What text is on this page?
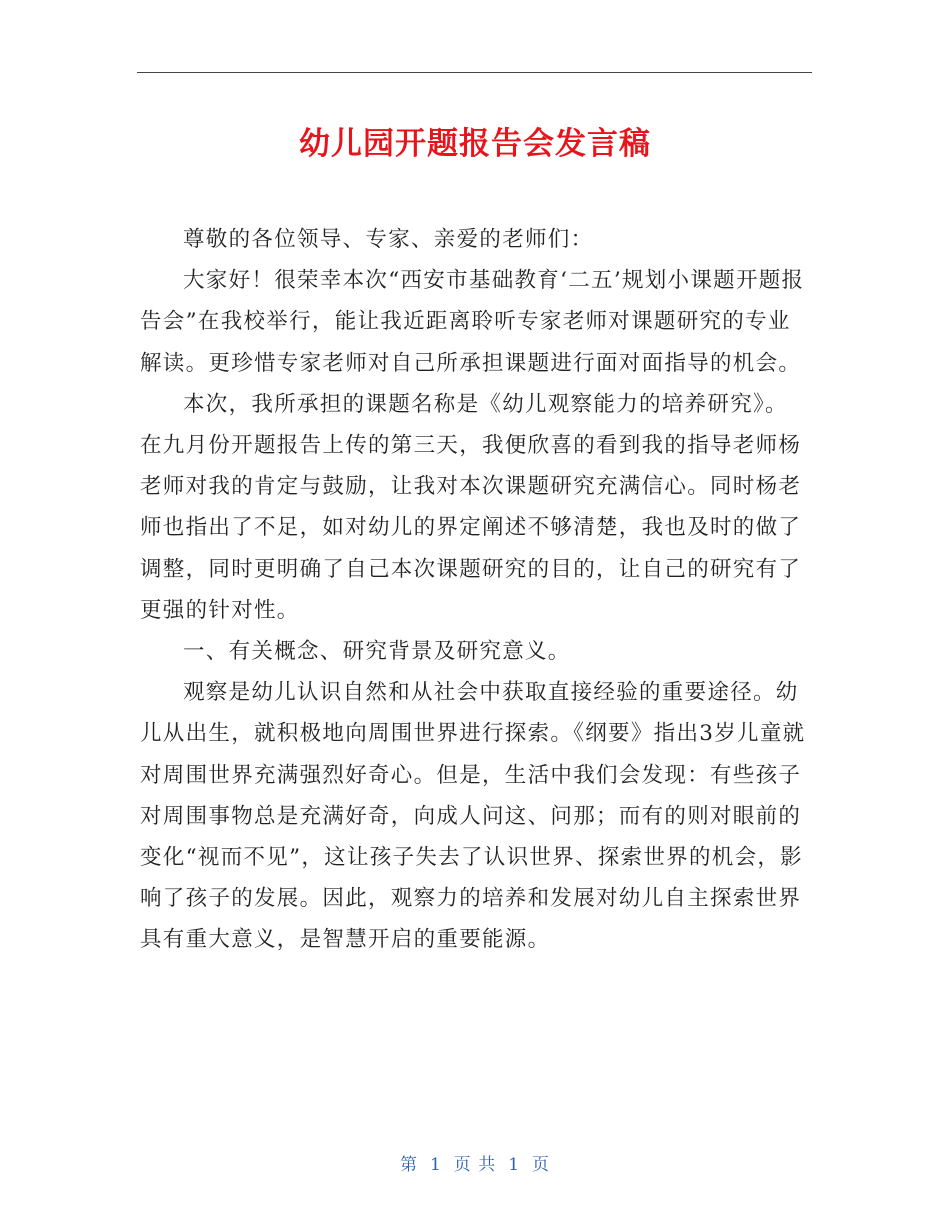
幼儿园开题报告会发言稿

尊敬的各位领导、专家、亲爱的老师们：

大家好！很荣幸本次“西安市基础教育‘二五’规划小课题开题报告会”在我校举行，能让我近距离聆听专家老师对课题研究的专业解读。更珍惜专家老师对自己所承担课题进行面对面指导的机会。

本次，我所承担的课题名称是《幼儿观察能力的培养研究》。在九月份开题报告上传的第三天，我便欣喜的看到我的指导老师杨老师对我的肯定与鼓励，让我对本次课题研究充满信心。同时杨老师也指出了不足，如对幼儿的界定阐述不够清楚，我也及时的做了调整，同时更明确了自己本次课题研究的目的，让自己的研究有了更强的针对性。

一、有关概念、研究背景及研究意义。

观察是幼儿认识自然和从社会中获取直接经验的重要途径。幼儿从出生，就积极地向周围世界进行探索。《纲要》指出3岁儿童就对周围世界充满强烈好奇心。但是，生活中我们会发现：有些孩子对周围事物总是充满好奇，向成人问这、问那；而有的则对眼前的变化“视而不见”，这让孩子失去了认识世界、探索世界的机会，影响了孩子的发展。因此，观察力的培养和发展对幼儿自主探索世界具有重大意义，是智慧开启的重要能源。

第 1 页 共 1 页
